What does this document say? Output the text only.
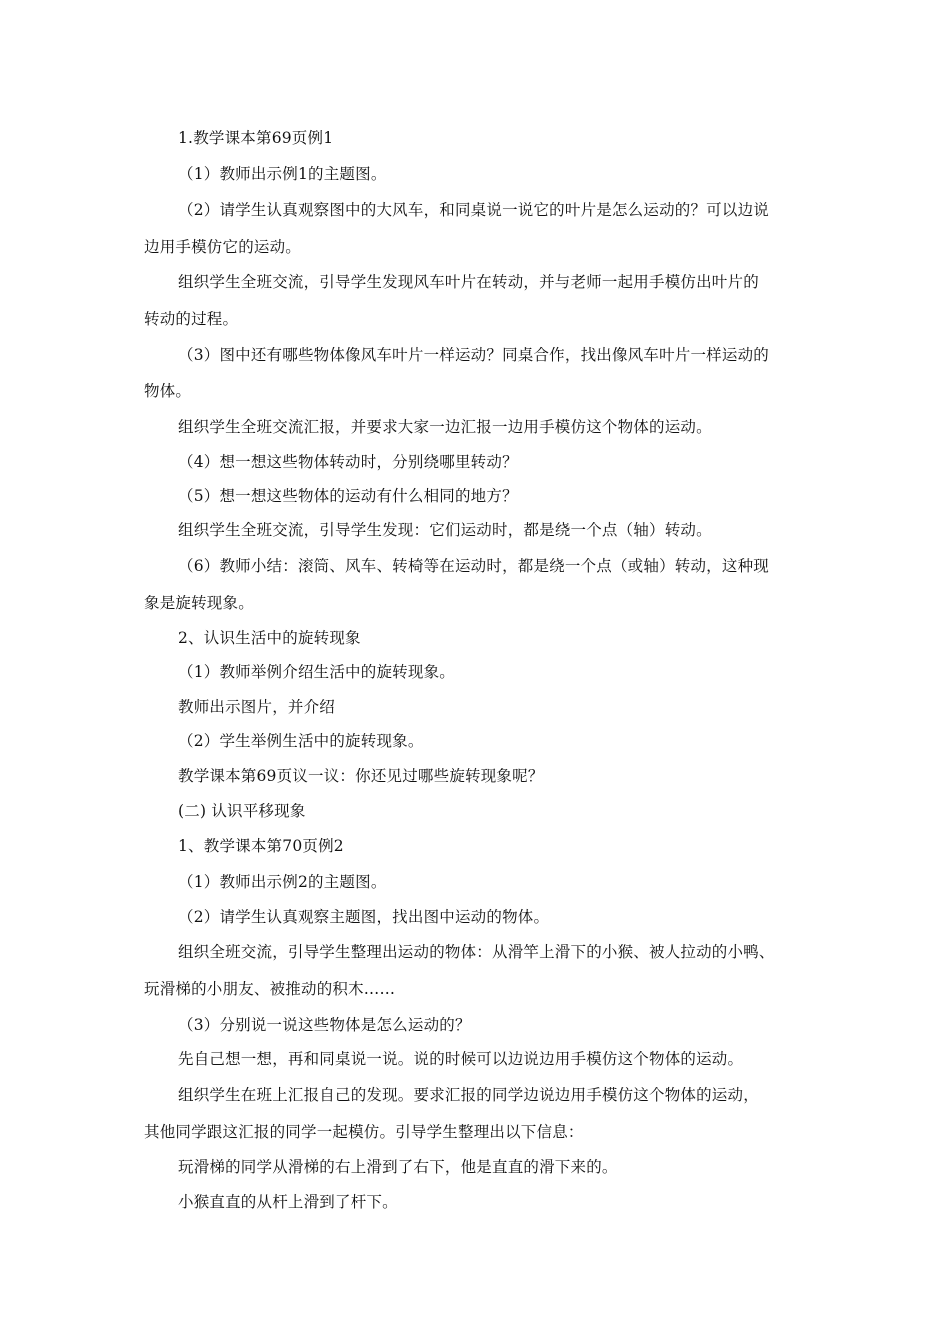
1.教学课本第69页例1
（1）教师出示例1的主题图。
（2）请学生认真观察图中的大风车，和同桌说一说它的叶片是怎么运动的？可以边说
边用手模仿它的运动。
组织学生全班交流，引导学生发现风车叶片在转动，并与老师一起用手模仿出叶片的
转动的过程。
（3）图中还有哪些物体像风车叶片一样运动？同桌合作，找出像风车叶片一样运动的
物体。
组织学生全班交流汇报，并要求大家一边汇报一边用手模仿这个物体的运动。
（4）想一想这些物体转动时，分别绕哪里转动？
（5）想一想这些物体的运动有什么相同的地方？
组织学生全班交流，引导学生发现：它们运动时，都是绕一个点（轴）转动。
（6）教师小结：滚筒、风车、转椅等在运动时，都是绕一个点（或轴）转动，这种现
象是旋转现象。
2、认识生活中的旋转现象
（1）教师举例介绍生活中的旋转现象。
教师出示图片，并介绍
（2）学生举例生活中的旋转现象。
教学课本第69页议一议：你还见过哪些旋转现象呢？
(二) 认识平移现象
1、教学课本第70页例2
（1）教师出示例2的主题图。
（2）请学生认真观察主题图，找出图中运动的物体。
组织全班交流，引导学生整理出运动的物体：从滑竿上滑下的小猴、被人拉动的小鸭、
玩滑梯的小朋友、被推动的积木……
（3）分别说一说这些物体是怎么运动的？
先自己想一想，再和同桌说一说。说的时候可以边说边用手模仿这个物体的运动。
组织学生在班上汇报自己的发现。要求汇报的同学边说边用手模仿这个物体的运动，
其他同学跟这汇报的同学一起模仿。引导学生整理出以下信息：
玩滑梯的同学从滑梯的右上滑到了右下，他是直直的滑下来的。
小猴直直的从杆上滑到了杆下。
